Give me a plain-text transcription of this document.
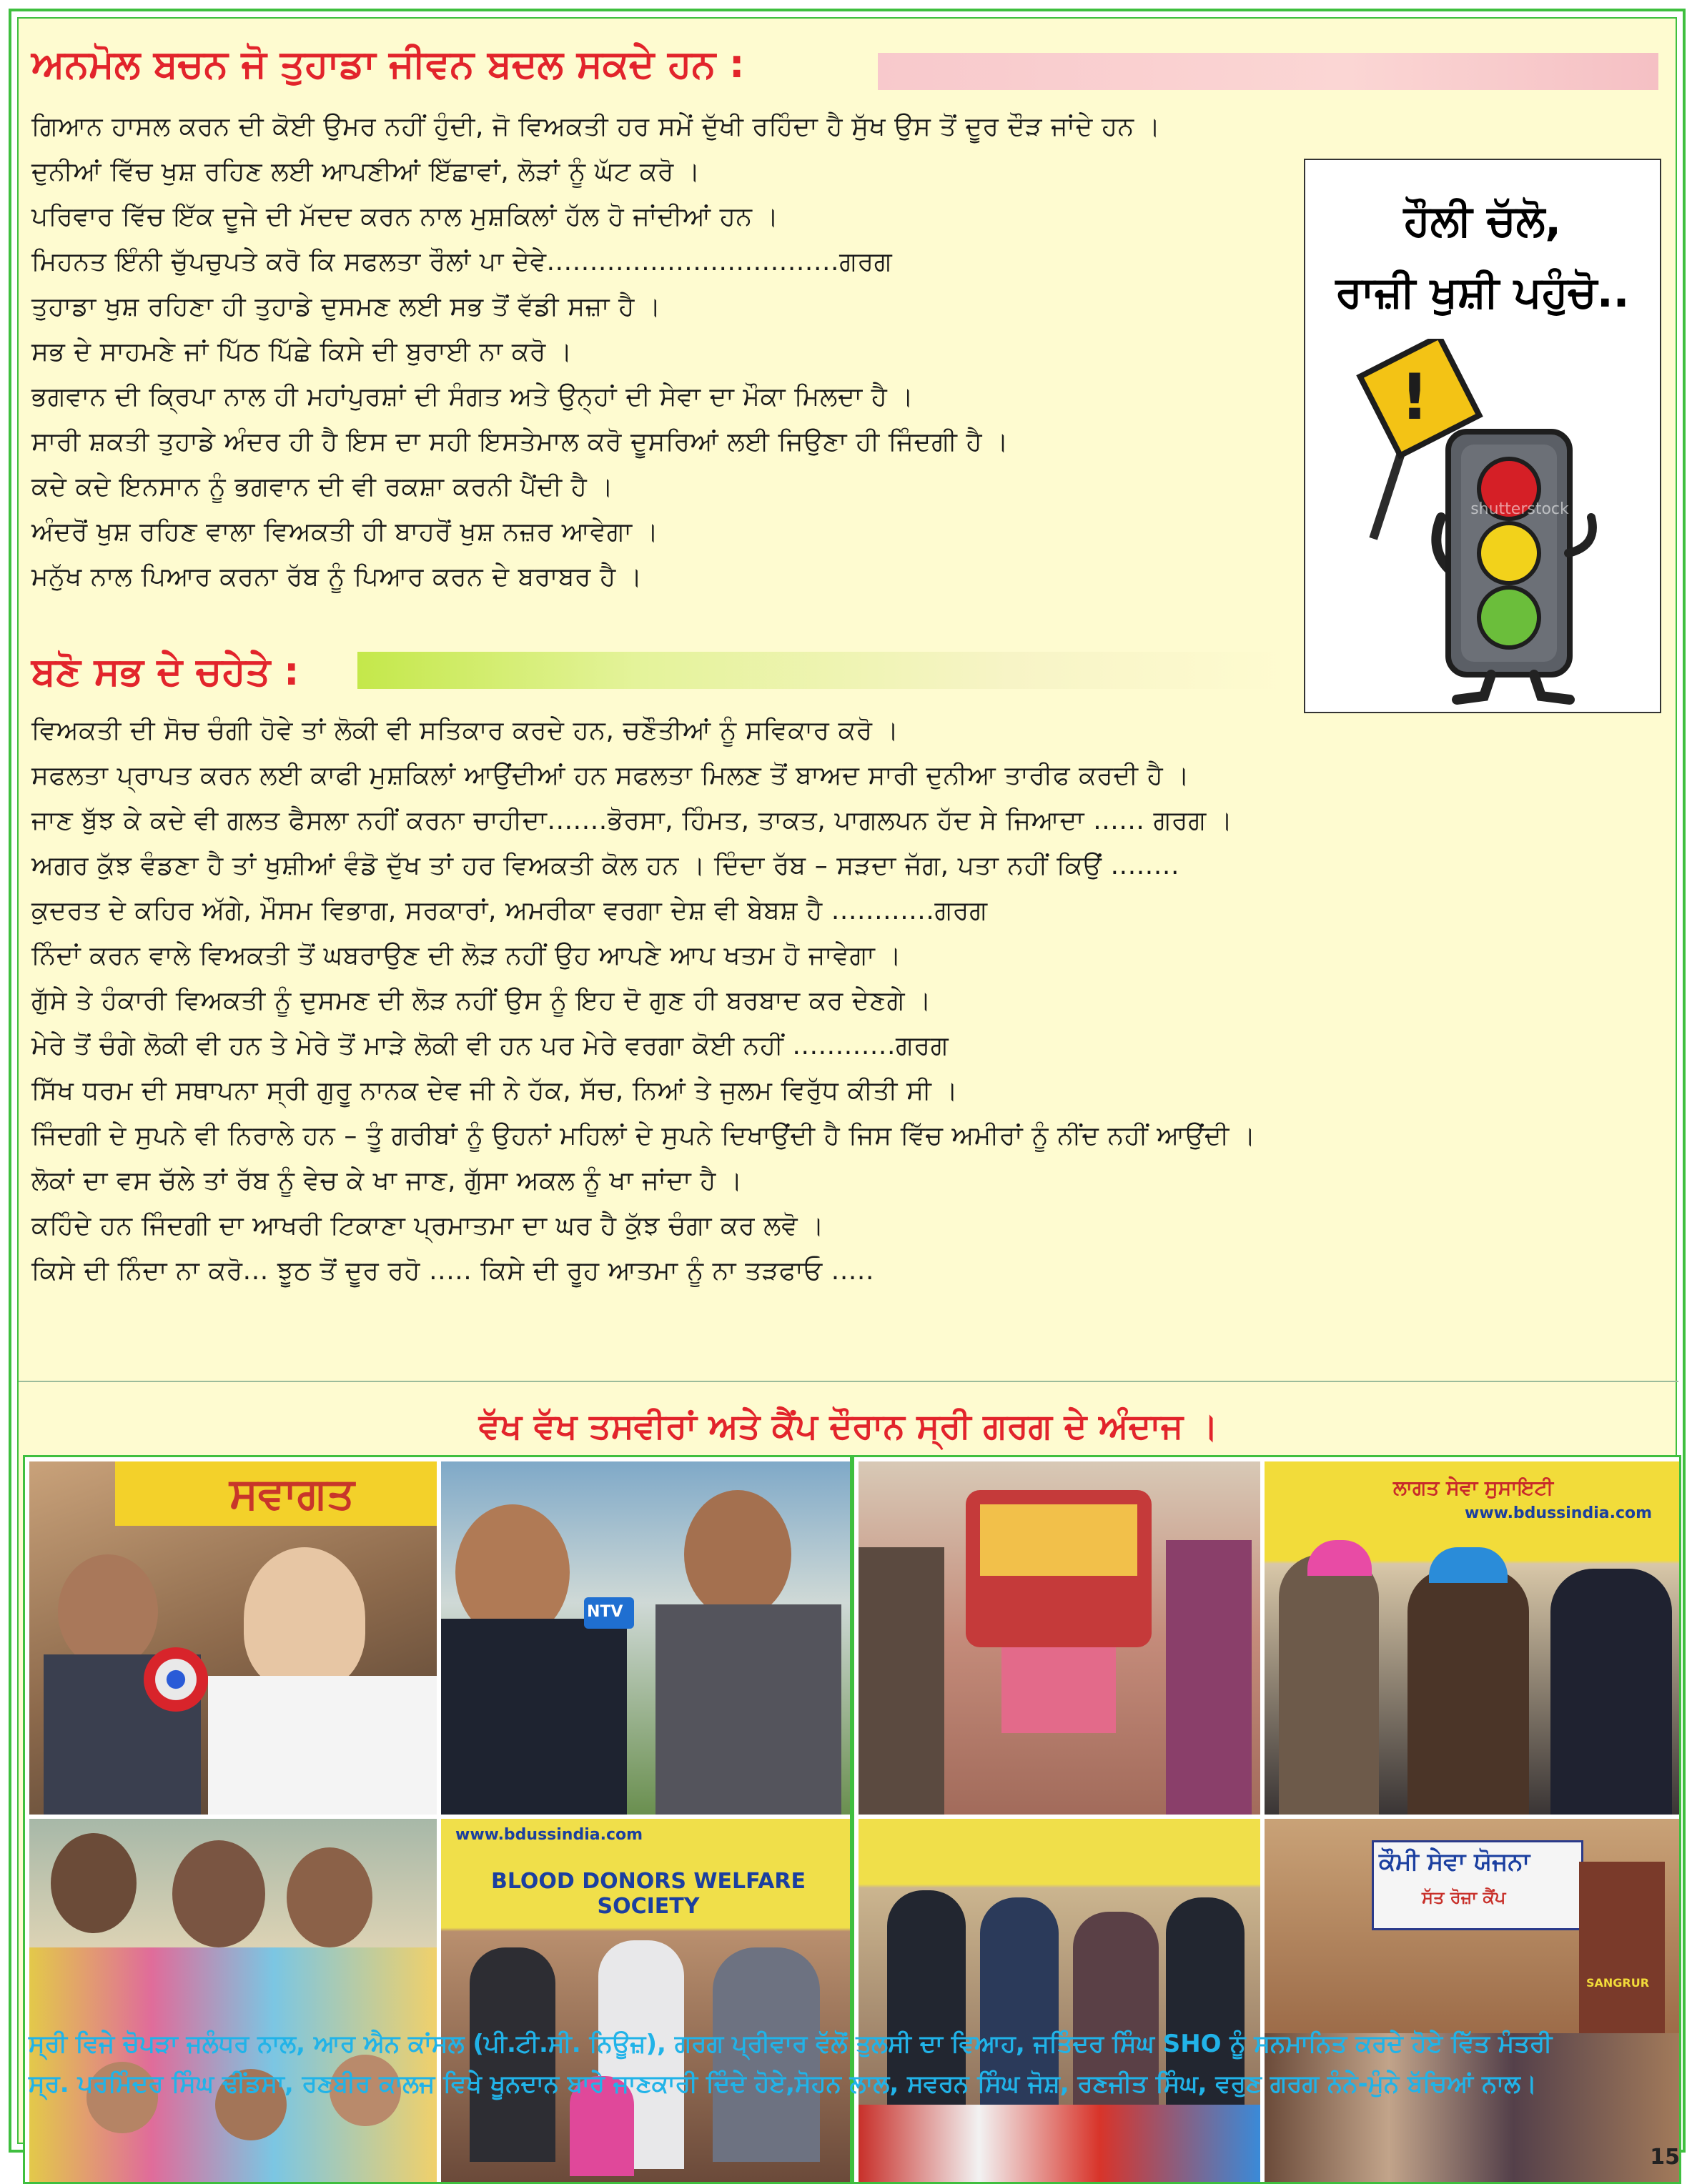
ਅਨਮੋਲ ਬਚਨ ਜੋ ਤੁਹਾਡਾ ਜੀਵਨ ਬਦਲ ਸਕਦੇ ਹਨ :
ਗਿਆਨ ਹਾਸਲ ਕਰਨ ਦੀ ਕੋਈ ਉਮਰ ਨਹੀਂ ਹੁੰਦੀ, ਜੋ ਵਿਅਕਤੀ ਹਰ ਸਮੇਂ ਦੁੱਖੀ ਰਹਿੰਦਾ ਹੈ ਸੁੱਖ ਉਸ ਤੋਂ ਦੂਰ ਦੌੜ ਜਾਂਦੇ ਹਨ ।
ਦੁਨੀਆਂ ਵਿੱਚ ਖੁਸ਼ ਰਹਿਣ ਲਈ ਆਪਣੀਆਂ ਇੱਛਾਵਾਂ, ਲੋੜਾਂ ਨੂੰ ਘੱਟ ਕਰੋ ।
ਪਰਿਵਾਰ ਵਿੱਚ ਇੱਕ ਦੂਜੇ ਦੀ ਮੱਦਦ ਕਰਨ ਨਾਲ ਮੁਸ਼ਕਿਲਾਂ ਹੱਲ ਹੋ ਜਾਂਦੀਆਂ ਹਨ ।
ਮਿਹਨਤ ਇੰਨੀ ਚੁੱਪਚੁਪਤੇ ਕਰੋ ਕਿ ਸਫਲਤਾ ਰੌਲਾਂ ਪਾ ਦੇਵੇ..................................ਗਰਗ
ਤੁਹਾਡਾ ਖੁਸ਼ ਰਹਿਣਾ ਹੀ ਤੁਹਾਡੇ ਦੁਸਮਣ ਲਈ ਸਭ ਤੋਂ ਵੱਡੀ ਸਜ਼ਾ ਹੈ ।
ਸਭ ਦੇ ਸਾਹਮਣੇ ਜਾਂ ਪਿੱਠ ਪਿੱਛੇ ਕਿਸੇ ਦੀ ਬੁਰਾਈ ਨਾ ਕਰੋ ।
ਭਗਵਾਨ ਦੀ ਕ੍ਰਿਪਾ ਨਾਲ ਹੀ ਮਹਾਂਪੁਰਸ਼ਾਂ ਦੀ ਸੰਗਤ ਅਤੇ ਉਨ੍ਹਾਂ ਦੀ ਸੇਵਾ ਦਾ ਮੌਕਾ ਮਿਲਦਾ ਹੈ ।
ਸਾਰੀ ਸ਼ਕਤੀ ਤੁਹਾਡੇ ਅੰਦਰ ਹੀ ਹੈ ਇਸ ਦਾ ਸਹੀ ਇਸਤੇਮਾਲ ਕਰੋ ਦੂਸਰਿਆਂ ਲਈ ਜਿਉਣਾ ਹੀ ਜਿੰਦਗੀ ਹੈ ।
ਕਦੇ ਕਦੇ ਇਨਸਾਨ ਨੂੰ ਭਗਵਾਨ ਦੀ ਵੀ ਰਕਸ਼ਾ ਕਰਨੀ ਪੈਂਦੀ ਹੈ ।
ਅੰਦਰੋਂ ਖੁਸ਼ ਰਹਿਣ ਵਾਲਾ ਵਿਅਕਤੀ ਹੀ ਬਾਹਰੋਂ ਖੁਸ਼ ਨਜ਼ਰ ਆਵੇਗਾ ।
ਮਨੁੱਖ ਨਾਲ ਪਿਆਰ ਕਰਨਾ ਰੱਬ ਨੂੰ ਪਿਆਰ ਕਰਨ ਦੇ ਬਰਾਬਰ ਹੈ ।
ਹੌਲੀ ਚੱਲੋ,
ਰਾਜ਼ੀ ਖੁਸ਼ੀ ਪਹੁੰਚੋ..
!
shutterstock
ਬਣੋ ਸਭ ਦੇ ਚਹੇਤੇ :
ਵਿਅਕਤੀ ਦੀ ਸੋਚ ਚੰਗੀ ਹੋਵੇ ਤਾਂ ਲੋਕੀ ਵੀ ਸਤਿਕਾਰ ਕਰਦੇ ਹਨ, ਚਣੌਤੀਆਂ ਨੂੰ ਸਵਿਕਾਰ ਕਰੋ ।
ਸਫਲਤਾ ਪ੍ਰਾਪਤ ਕਰਨ ਲਈ ਕਾਫੀ ਮੁਸ਼ਕਿਲਾਂ ਆਉਂਦੀਆਂ ਹਨ ਸਫਲਤਾ ਮਿਲਣ ਤੋਂ ਬਾਅਦ ਸਾਰੀ ਦੁਨੀਆ ਤਾਰੀਫ ਕਰਦੀ ਹੈ ।
ਜਾਣ ਬੁੱਝ ਕੇ ਕਦੇ ਵੀ ਗਲਤ ਫੈਸਲਾ ਨਹੀਂ ਕਰਨਾ ਚਾਹੀਦਾ.......ਭੋਰਸਾ, ਹਿੰਮਤ, ਤਾਕਤ, ਪਾਗਲਪਨ ਹੱਦ ਸੇ ਜਿਆਦਾ ...... ਗਰਗ ।
ਅਗਰ ਕੁੱਝ ਵੰਡਣਾ ਹੈ ਤਾਂ ਖੁਸ਼ੀਆਂ ਵੰਡੋ ਦੁੱਖ ਤਾਂ ਹਰ ਵਿਅਕਤੀ ਕੋਲ ਹਨ । ਦਿੰਦਾ ਰੱਬ – ਸੜਦਾ ਜੱਗ, ਪਤਾ ਨਹੀਂ ਕਿਉਂ ........
ਕੁਦਰਤ ਦੇ ਕਹਿਰ ਅੱਗੇ, ਮੌਸਮ ਵਿਭਾਗ, ਸਰਕਾਰਾਂ, ਅਮਰੀਕਾ ਵਰਗਾ ਦੇਸ਼ ਵੀ ਬੇਬਸ਼ ਹੈ ............ਗਰਗ
ਨਿੰਦਾਂ ਕਰਨ ਵਾਲੇ ਵਿਅਕਤੀ ਤੋਂ ਘਬਰਾਉਣ ਦੀ ਲੋੜ ਨਹੀਂ ਉਹ ਆਪਣੇ ਆਪ ਖਤਮ ਹੋ ਜਾਵੇਗਾ ।
ਗੁੱਸੇ ਤੇ ਹੰਕਾਰੀ ਵਿਅਕਤੀ ਨੂੰ ਦੁਸਮਣ ਦੀ ਲੋੜ ਨਹੀਂ ਉਸ ਨੂੰ ਇਹ ਦੋ ਗੁਣ ਹੀ ਬਰਬਾਦ ਕਰ ਦੇਣਗੇ ।
ਮੇਰੇ ਤੋਂ ਚੰਗੇ ਲੋਕੀ ਵੀ ਹਨ ਤੇ ਮੇਰੇ ਤੋਂ ਮਾੜੇ ਲੋਕੀ ਵੀ ਹਨ ਪਰ ਮੇਰੇ ਵਰਗਾ ਕੋਈ ਨਹੀਂ ............ਗਰਗ
ਸਿੱਖ ਧਰਮ ਦੀ ਸਥਾਪਨਾ ਸ੍ਰੀ ਗੁਰੂ ਨਾਨਕ ਦੇਵ ਜੀ ਨੇ ਹੱਕ, ਸੱਚ, ਨਿਆਂ ਤੇ ਜੁਲਮ ਵਿਰੁੱਧ ਕੀਤੀ ਸੀ ।
ਜਿੰਦਗੀ ਦੇ ਸੁਪਨੇ ਵੀ ਨਿਰਾਲੇ ਹਨ – ਤੂੰ ਗਰੀਬਾਂ ਨੂੰ ਉਹਨਾਂ ਮਹਿਲਾਂ ਦੇ ਸੁਪਨੇ ਦਿਖਾਉਂਦੀ ਹੈ ਜਿਸ ਵਿੱਚ ਅਮੀਰਾਂ ਨੂੰ ਨੀਂਦ ਨਹੀਂ ਆਉਂਦੀ ।
ਲੋਕਾਂ ਦਾ ਵਸ ਚੱਲੇ ਤਾਂ ਰੱਬ ਨੂੰ ਵੇਚ ਕੇ ਖਾ ਜਾਣ, ਗੁੱਸਾ ਅਕਲ ਨੂੰ ਖਾ ਜਾਂਦਾ ਹੈ ।
ਕਹਿੰਦੇ ਹਨ ਜਿੰਦਗੀ ਦਾ ਆਖਰੀ ਟਿਕਾਣਾ ਪ੍ਰਮਾਤਮਾ ਦਾ ਘਰ ਹੈ ਕੁੱਝ ਚੰਗਾ ਕਰ ਲਵੋ ।
ਕਿਸੇ ਦੀ ਨਿੰਦਾ ਨਾ ਕਰੋ... ਝੂਠ ਤੋਂ ਦੂਰ ਰਹੋ ..... ਕਿਸੇ ਦੀ ਰੂਹ ਆਤਮਾ ਨੂੰ ਨਾ ਤੜਫਾਓ .....
ਵੱਖ ਵੱਖ ਤਸਵੀਰਾਂ ਅਤੇ ਕੈਂਪ ਦੌਰਾਨ ਸ੍ਰੀ ਗਰਗ ਦੇ ਅੰਦਾਜ ।
ਸਵਾਗਤ
NTV
BLOOD DONORS WELFARE SOCIETY
www.bdussindia.com
ਲਾਗਤ ਸੇਵਾ ਸੁਸਾਇਟੀ
www.bdussindia.com
ਕੌਮੀ ਸੇਵਾ ਯੋਜਨਾ
ਸੱਤ ਰੋਜ਼ਾ ਕੈਂਪ
SANGRUR
ਸ੍ਰੀ ਵਿਜੇ ਚੋਪੜਾ ਜਲੰਧਰ ਨਾਲ, ਆਰ ਐਨ ਕਾਂਸਲ (ਪੀ.ਟੀ.ਸੀ. ਨਿਊਜ਼), ਗਰਗ ਪ੍ਰੀਵਾਰ ਵੱਲੋਂ ਤੁਲਸੀ ਦਾ ਵਿਆਹ, ਜਤਿੰਦਰ ਸਿੰਘ SHO ਨੂੰ ਸਨਮਾਨਿਤ ਕਰਦੇ ਹੋਏ ਵਿੱਤ ਮੰਤਰੀ
ਸ੍ਰ. ਪਰਮਿੰਦਰ ਸਿੰਘ ਢੀਂਡਸਾ, ਰਣਬੀਰ ਕਾਲਜ ਵਿਖੇ ਖੂਨਦਾਨ ਬਾਰੇ ਜਾਣਕਾਰੀ ਦਿੰਦੇ ਹੋਏ,ਸੋਹਨ ਲਾਲ, ਸਵਰਨ ਸਿੰਘ ਜੋਸ਼, ਰਣਜੀਤ ਸਿੰਘ, ਵਰੁਣ ਗਰਗ ਨੰਨੇ-ਮੁੰਨੇ ਬੱਚਿਆਂ ਨਾਲ।
15
